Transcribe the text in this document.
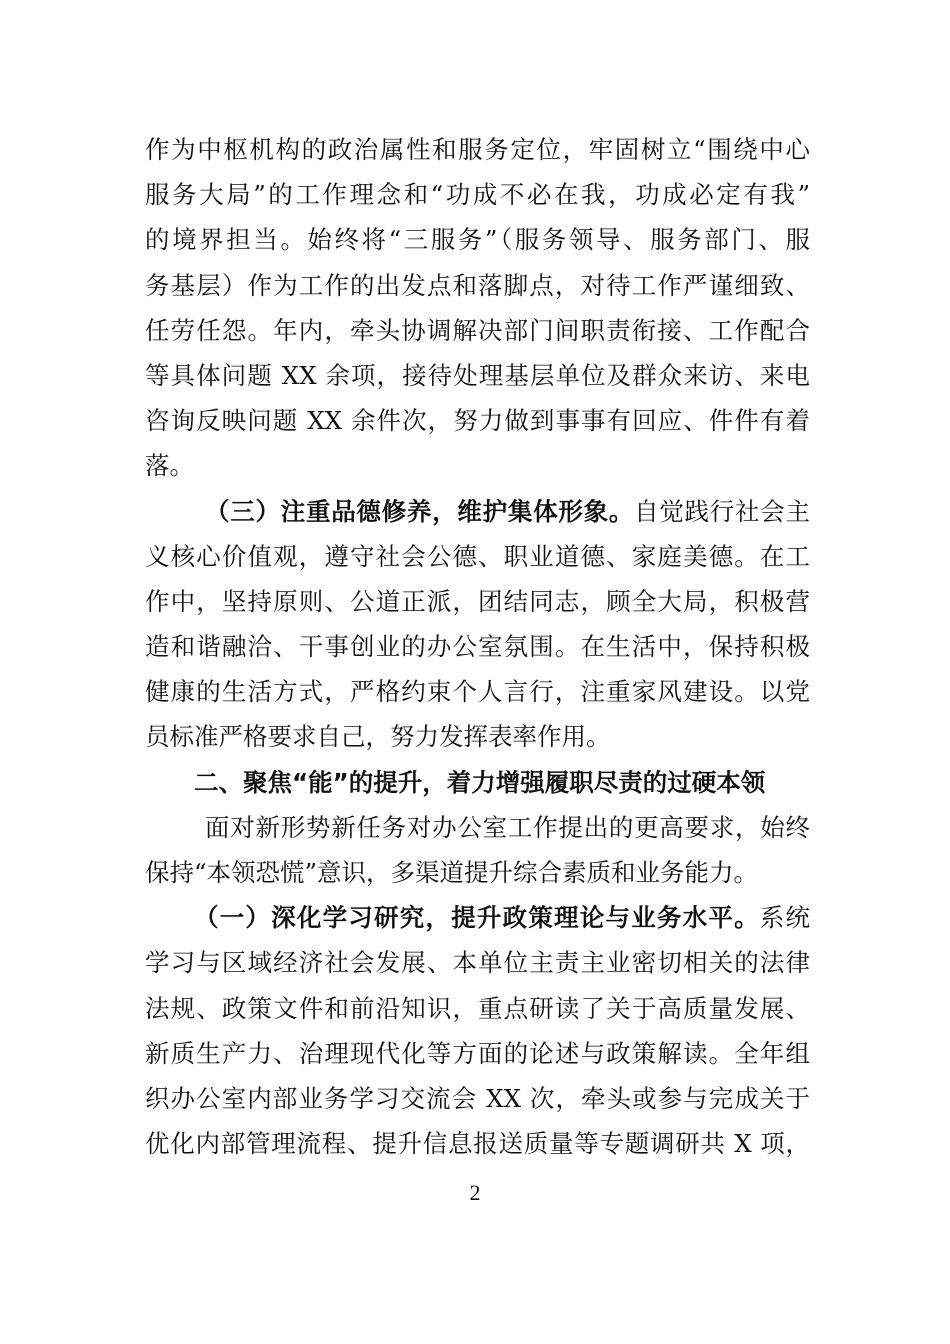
作为中枢机构的政治属性和服务定位，牢固树立“围绕中心
服务大局”的工作理念和“功成不必在我，功成必定有我”
的境界担当。始终将“三服务”（服务领导、服务部门、服
务基层）作为工作的出发点和落脚点，对待工作严谨细致、
任劳任怨。年内，牵头协调解决部门间职责衔接、工作配合
等具体问题 XX 余项，接待处理基层单位及群众来访、来电
咨询反映问题 XX 余件次，努力做到事事有回应、件件有着
落。
（三）注重品德修养，维护集体形象。自觉践行社会主
义核心价值观，遵守社会公德、职业道德、家庭美德。在工
作中，坚持原则、公道正派，团结同志，顾全大局，积极营
造和谐融洽、干事创业的办公室氛围。在生活中，保持积极
健康的生活方式，严格约束个人言行，注重家风建设。以党
员标准严格要求自己，努力发挥表率作用。
二、聚焦“能”的提升，着力增强履职尽责的过硬本领
面对新形势新任务对办公室工作提出的更高要求，始终
保持“本领恐慌”意识，多渠道提升综合素质和业务能力。
（一）深化学习研究，提升政策理论与业务水平。系统
学习与区域经济社会发展、本单位主责主业密切相关的法律
法规、政策文件和前沿知识，重点研读了关于高质量发展、
新质生产力、治理现代化等方面的论述与政策解读。全年组
织办公室内部业务学习交流会 XX 次，牵头或参与完成关于
优化内部管理流程、提升信息报送质量等专题调研共 X 项，
2
